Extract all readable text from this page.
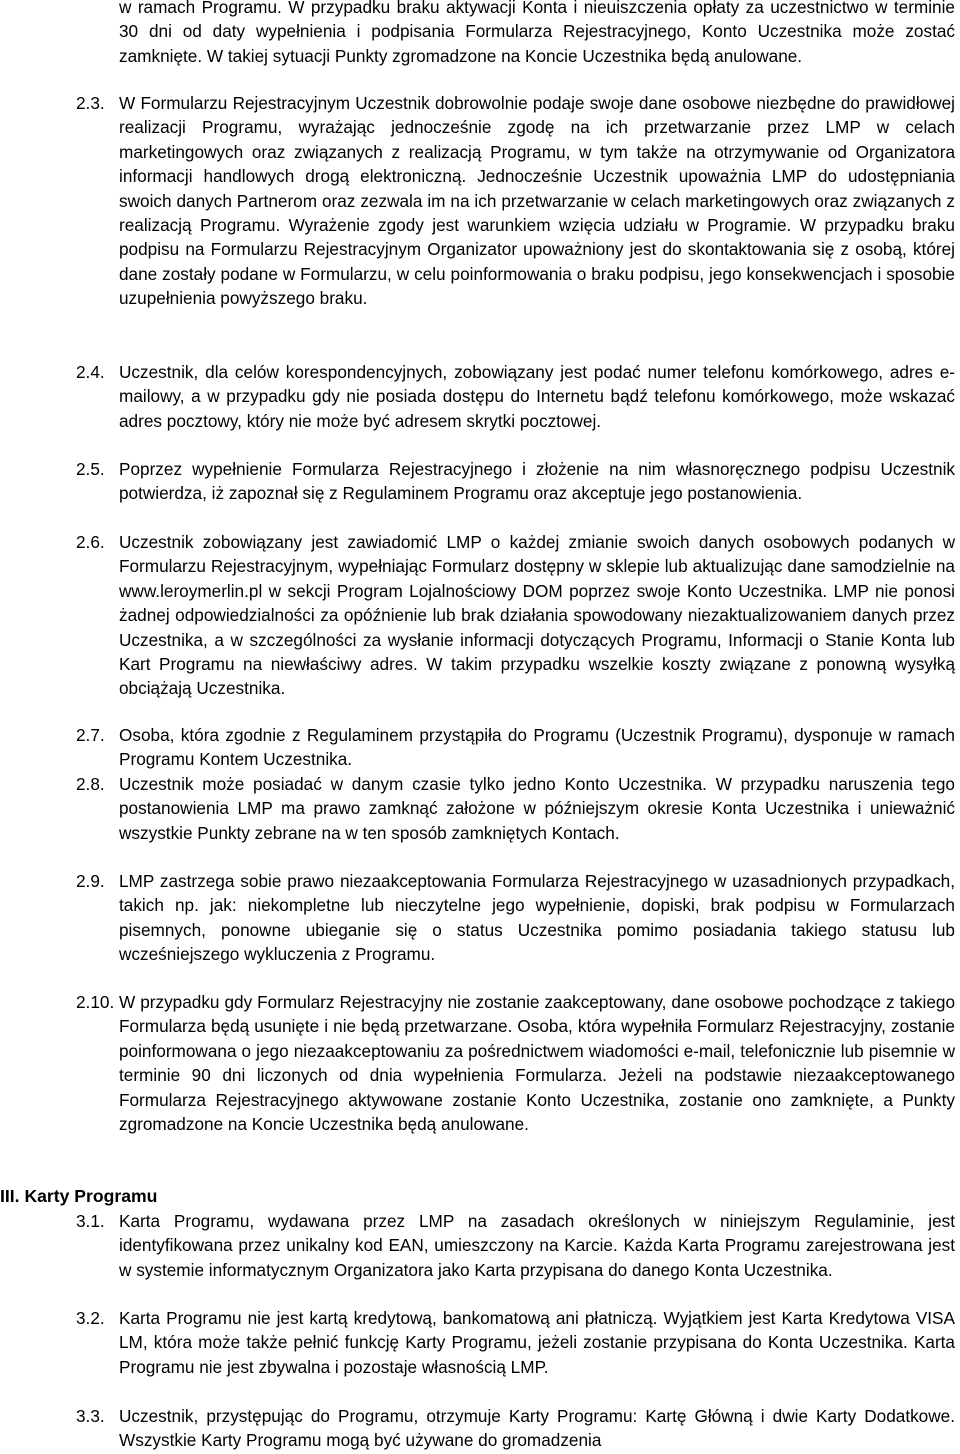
w ramach Programu. W przypadku braku aktywacji Konta i nieuiszczenia opłaty za uczestnictwo w terminie 30 dni od daty wypełnienia i podpisania Formularza Rejestracyjnego, Konto Uczestnika może zostać zamknięte. W takiej sytuacji Punkty zgromadzone na Koncie Uczestnika będą anulowane.

2.3. W Formularzu Rejestracyjnym Uczestnik dobrowolnie podaje swoje dane osobowe niezbędne do prawidłowej realizacji Programu, wyrażając jednocześnie zgodę na ich przetwarzanie przez LMP w celach marketingowych oraz związanych z realizacją Programu, w tym także na otrzymywanie od Organizatora informacji handlowych drogą elektroniczną. Jednocześnie Uczestnik upoważnia LMP do udostępniania swoich danych Partnerom oraz zezwala im na ich przetwarzanie w celach marketingowych oraz związanych z realizacją Programu. Wyrażenie zgody jest warunkiem wzięcia udziału w Programie. W przypadku braku podpisu na Formularzu Rejestracyjnym Organizator upoważniony jest do skontaktowania się z osobą, której dane zostały podane w Formularzu, w celu poinformowania o braku podpisu, jego konsekwencjach i sposobie uzupełnienia powyższego braku.

2.4. Uczestnik, dla celów korespondencyjnych, zobowiązany jest podać numer telefonu komórkowego, adres e-mailowy, a w przypadku gdy nie posiada dostępu do Internetu bądź telefonu komórkowego, może wskazać adres pocztowy, który nie może być adresem skrytki pocztowej.

2.5. Poprzez wypełnienie Formularza Rejestracyjnego i złożenie na nim własnoręcznego podpisu Uczestnik potwierdza, iż zapoznał się z Regulaminem Programu oraz akceptuje jego postanowienia.

2.6. Uczestnik zobowiązany jest zawiadomić LMP o każdej zmianie swoich danych osobowych podanych w Formularzu Rejestracyjnym, wypełniając Formularz dostępny w sklepie lub aktualizując dane samodzielnie na www.leroymerlin.pl w sekcji Program Lojalnościowy DOM poprzez swoje Konto Uczestnika. LMP nie ponosi żadnej odpowiedzialności za opóźnienie lub brak działania spowodowany niezaktualizowaniem danych przez Uczestnika, a w szczególności za wysłanie informacji dotyczących Programu, Informacji o Stanie Konta lub Kart Programu na niewłaściwy adres. W takim przypadku wszelkie koszty związane z ponowną wysyłką obciążają Uczestnika.

2.7. Osoba, która zgodnie z Regulaminem przystąpiła do Programu (Uczestnik Programu), dysponuje w ramach Programu Kontem Uczestnika.

2.8. Uczestnik może posiadać w danym czasie tylko jedno Konto Uczestnika. W przypadku naruszenia tego postanowienia LMP ma prawo zamknąć założone w późniejszym okresie Konta Uczestnika i unieważnić wszystkie Punkty zebrane na w ten sposób zamkniętych Kontach.

2.9. LMP zastrzega sobie prawo niezaakceptowania Formularza Rejestracyjnego w uzasadnionych przypadkach, takich np. jak: niekompletne lub nieczytelne jego wypełnienie, dopiski, brak podpisu w Formularzach pisemnych, ponowne ubieganie się o status Uczestnika pomimo posiadania takiego statusu lub wcześniejszego wykluczenia z Programu.

2.10. W przypadku gdy Formularz Rejestracyjny nie zostanie zaakceptowany, dane osobowe pochodzące z takiego Formularza będą usunięte i nie będą przetwarzane. Osoba, która wypełniła Formularz Rejestracyjny, zostanie poinformowana o jego niezaakceptowaniu za pośrednictwem wiadomości e-mail, telefonicznie lub pisemnie w terminie 90 dni liczonych od dnia wypełnienia Formularza. Jeżeli na podstawie niezaakceptowanego Formularza Rejestracyjnego aktywowane zostanie Konto Uczestnika, zostanie ono zamknięte, a Punkty zgromadzone na Koncie Uczestnika będą anulowane.

III. Karty Programu
3.1. Karta Programu, wydawana przez LMP na zasadach określonych w niniejszym Regulaminie, jest identyfikowana przez unikalny kod EAN, umieszczony na Karcie. Każda Karta Programu zarejestrowana jest w systemie informatycznym Organizatora jako Karta przypisana do danego Konta Uczestnika.

3.2. Karta Programu nie jest kartą kredytową, bankomatową ani płatniczą. Wyjątkiem jest Karta Kredytowa VISA LM, która może także pełnić funkcję Karty Programu, jeżeli zostanie przypisana do Konta Uczestnika. Karta Programu nie jest zbywalna i pozostaje własnością LMP.

3.3. Uczestnik, przystępując do Programu, otrzymuje Karty Programu: Kartę Główną i dwie Karty Dodatkowe. Wszystkie Karty Programu mogą być używane do gromadzenia
